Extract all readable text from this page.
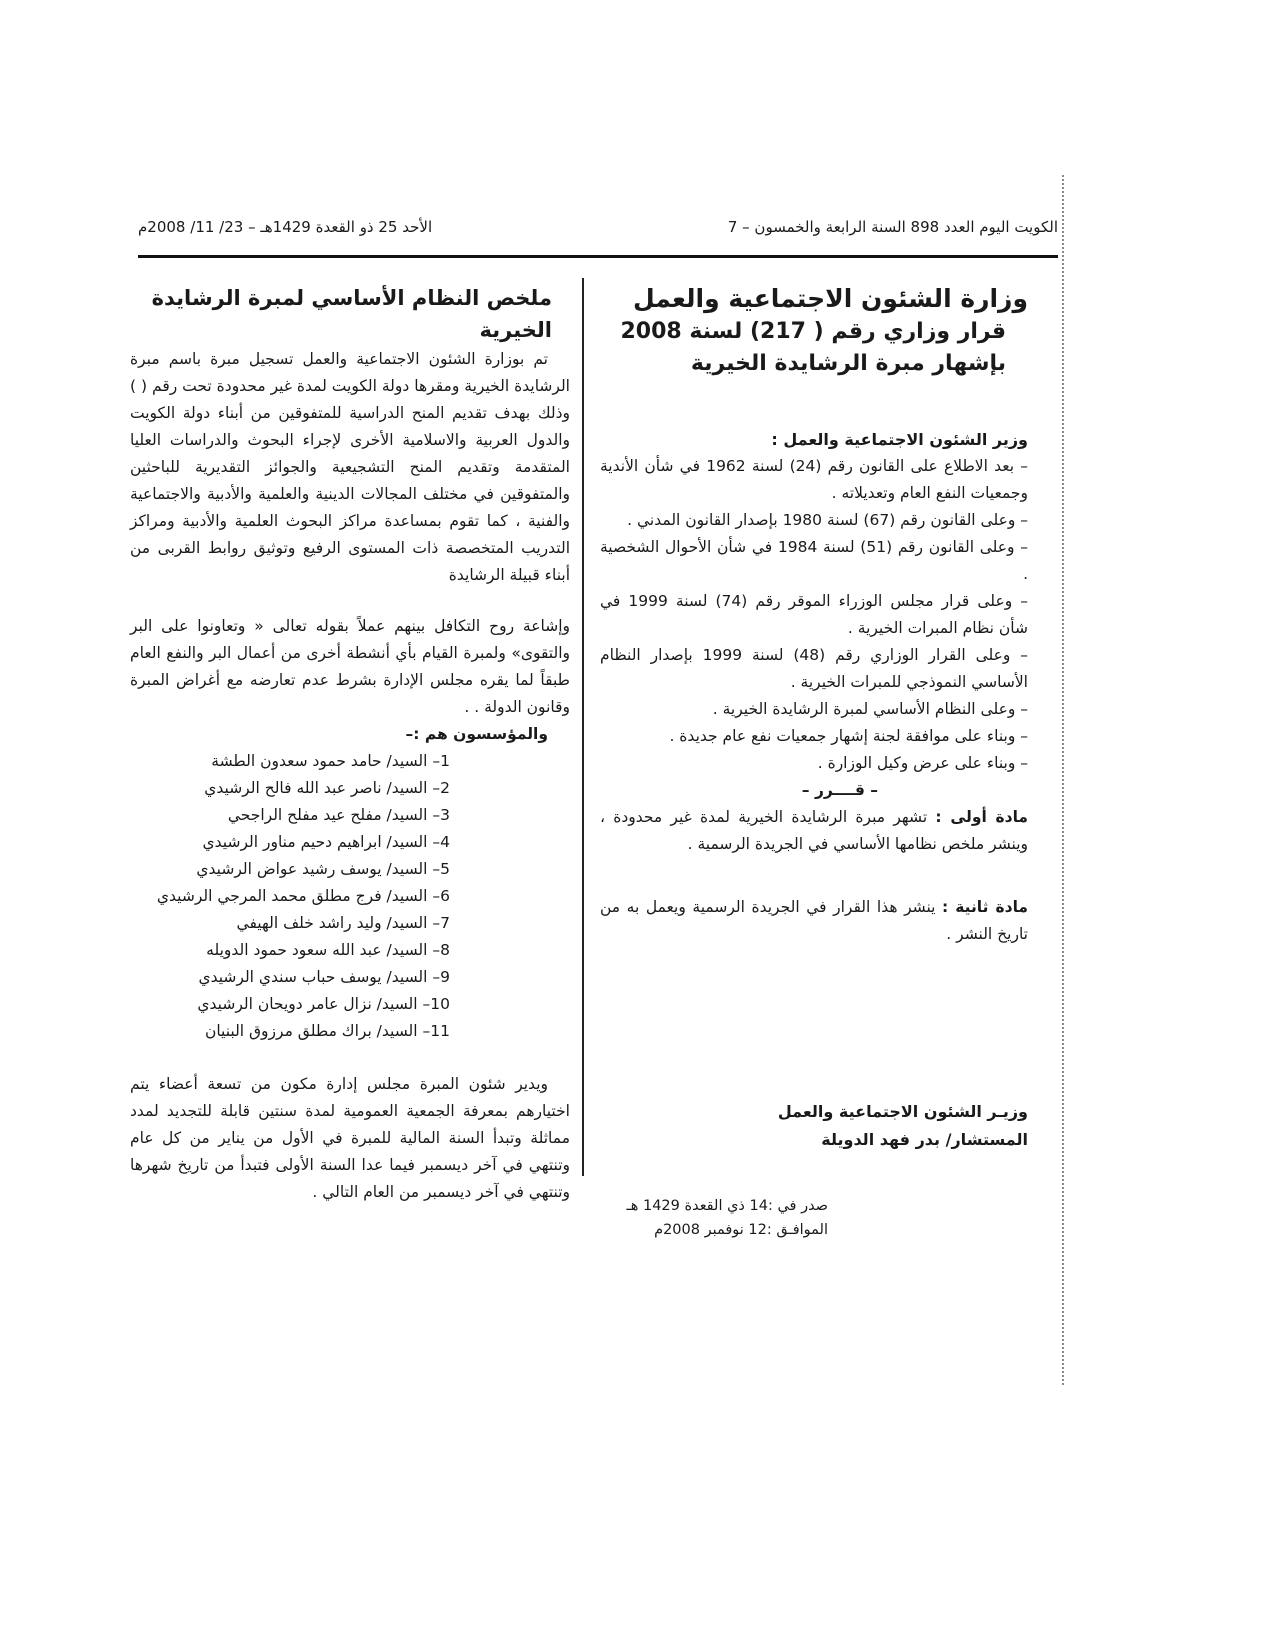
الكويت اليوم العدد 898 السنة الرابعة والخمسون – 7
الأحد 25 ذو القعدة 1429هـ – 23/ 11/ 2008م
وزارة الشئون الاجتماعية والعمل
قرار وزاري رقم ( 217) لسنة 2008
بإشهار مبرة الرشايدة الخيرية
وزير الشئون الاجتماعية والعمل :
– بعد الاطلاع على القانون رقم (24) لسنة 1962 في شأن الأندية وجمعيات النفع العام وتعديلاته .
– وعلى القانون رقم (67) لسنة 1980 بإصدار القانون المدني .
– وعلى القانون رقم (51) لسنة 1984 في شأن الأحوال الشخصية .
– وعلى قرار مجلس الوزراء الموقر رقم (74) لسنة 1999 في شأن نظام المبرات الخيرية .
– وعلى القرار الوزاري رقم (48) لسنة 1999 بإصدار النظام الأساسي النموذجي للمبرات الخيرية .
– وعلى النظام الأساسي لمبرة الرشايدة الخيرية .
– وبناء على موافقة لجنة إشهار جمعيات نفع عام جديدة .
– وبناء على عرض وكيل الوزارة .
– قــــرر –
مادة أولى : تشهر مبرة الرشايدة الخيرية لمدة غير محدودة ، وينشر ملخص نظامها الأساسي في الجريدة الرسمية .
مادة ثانية : ينشر هذا القرار في الجريدة الرسمية ويعمل به من تاريخ النشر .
وزيـر الشئون الاجتماعية والعمل
المستشار/ بدر فهد الدويلة
صدر في :14 ذي القعدة 1429 هـ
الموافـق :12 نوفمبر 2008م
ملخص النظام الأساسي لمبرة الرشايدة الخيرية
تم بوزارة الشئون الاجتماعية والعمل تسجيل مبرة باسم مبرة الرشايدة الخيرية ومقرها دولة الكويت لمدة غير محدودة تحت رقم ( ) وذلك بهدف تقديم المنح الدراسية للمتفوقين من أبناء دولة الكويت والدول العربية والاسلامية الأخرى لإجراء البحوث والدراسات العليا المتقدمة وتقديم المنح التشجيعية والجوائز التقديرية للباحثين والمتفوقين في مختلف المجالات الدينية والعلمية والأدبية والاجتماعية والفنية ، كما تقوم بمساعدة مراكز البحوث العلمية والأدبية ومراكز التدريب المتخصصة ذات المستوى الرفيع وتوثيق روابط القربى من أبناء قبيلة الرشايدة
وإشاعة روح التكافل بينهم عملاً بقوله تعالى « وتعاونوا على البر والتقوى» ولمبرة القيام بأي أنشطة أخرى من أعمال البر والنفع العام طبقاً لما يقره مجلس الإدارة بشرط عدم تعارضه مع أغراض المبرة وقانون الدولة . .
والمؤسسون هم :–
1– السيد/ حامد حمود سعدون الطشة
2– السيد/ ناصر عبد الله فالح الرشيدي
3– السيد/ مفلح عيد مفلح الراجحي
4– السيد/ ابراهيم دحيم مناور الرشيدي
5– السيد/ يوسف رشيد عواض الرشيدي
6– السيد/ فرج مطلق محمد المرجي الرشيدي
7– السيد/ وليد راشد خلف الهيفي
8– السيد/ عبد الله سعود حمود الدويله
9– السيد/ يوسف حباب سندي الرشيدي
10– السيد/ نزال عامر دويحان الرشيدي
11– السيد/ براك مطلق مرزوق البنيان
ويدير شئون المبرة مجلس إدارة مكون من تسعة أعضاء يتم اختيارهم بمعرفة الجمعية العمومية لمدة سنتين قابلة للتجديد لمدد مماثلة وتبدأ السنة المالية للمبرة في الأول من يناير من كل عام وتنتهي في آخر ديسمبر فيما عدا السنة الأولى فتبدأ من تاريخ شهرها وتنتهي في آخر ديسمبر من العام التالي .
